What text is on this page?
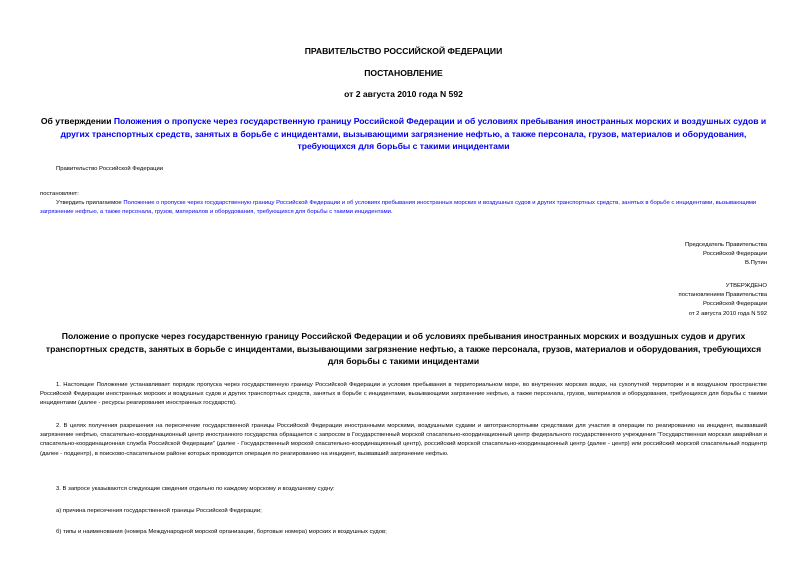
ПРАВИТЕЛЬСТВО РОССИЙСКОЙ ФЕДЕРАЦИИ
ПОСТАНОВЛЕНИЕ
от 2 августа 2010 года N 592
Об утверждении Положения о пропуске через государственную границу Российской Федерации и об условиях пребывания иностранных морских и воздушных судов и других транспортных средств, занятых в борьбе с инцидентами, вызывающими загрязнение нефтью, а также персонала, грузов, материалов и оборудования, требующихся для борьбы с такими инцидентами
Правительство Российской Федерации
постановляет:
Утвердить прилагаемое Положение о пропуске через государственную границу Российской Федерации и об условиях пребывания иностранных морских и воздушных судов и других транспортных средств, занятых в борьбе с инцидентами, вызывающими загрязнение нефтью, а также персонала, грузов, материалов и оборудования, требующихся для борьбы с такими инцидентами.
Председатель Правительства
Российской Федерации
В.Путин
УТВЕРЖДЕНО
постановлением Правительства
Российской Федерации
от 2 августа 2010 года N 592
Положение о пропуске через государственную границу Российской Федерации и об условиях пребывания иностранных морских и воздушных судов и других транспортных средств, занятых в борьбе с инцидентами, вызывающими загрязнение нефтью, а также персонала, грузов, материалов и оборудования, требующихся для борьбы с такими инцидентами
1. Настоящее Положение устанавливает порядок пропуска через государственную границу Российской Федерации и условия пребывания в территориальном море, во внутренних морских водах, на сухопутной территории и в воздушном пространстве Российской Федерации иностранных морских и воздушных судов и других транспортных средств, занятых в борьбе с инцидентами, вызывающими загрязнение нефтью, а также персонала, грузов, материалов и оборудования, требующихся для борьбы с такими инцидентами (далее - ресурсы реагирования иностранных государств).
2. В целях получения разрешения на пересечение государственной границы Российской Федерации иностранными морскими, воздушными судами и автотранспортными средствами для участия в операции по реагированию на инцидент, вызвавший загрязнение нефтью, спасательно-координационный центр иностранного государства обращается с запросом в Государственный морской спасательно-координационный центр федерального государственного учреждения "Государственная морская аварийная и спасательно-координационная служба Российской Федерации" (далее - Государственный морской спасательно-координационный центр), российский морской спасательно-координационный центр (далее - центр) или российский морской спасательный подцентр (далее - подцентр), в поисково-спасательном районе которых проводится операция по реагированию на инцидент, вызвавший загрязнение нефтью.
3. В запросе указываются следующие сведения отдельно по каждому морскому и воздушному судну:
а) причина пересечения государственной границы Российской Федерации;
б) типы и наименования (номера Международной морской организации, бортовые номера) морских и воздушных судов;
